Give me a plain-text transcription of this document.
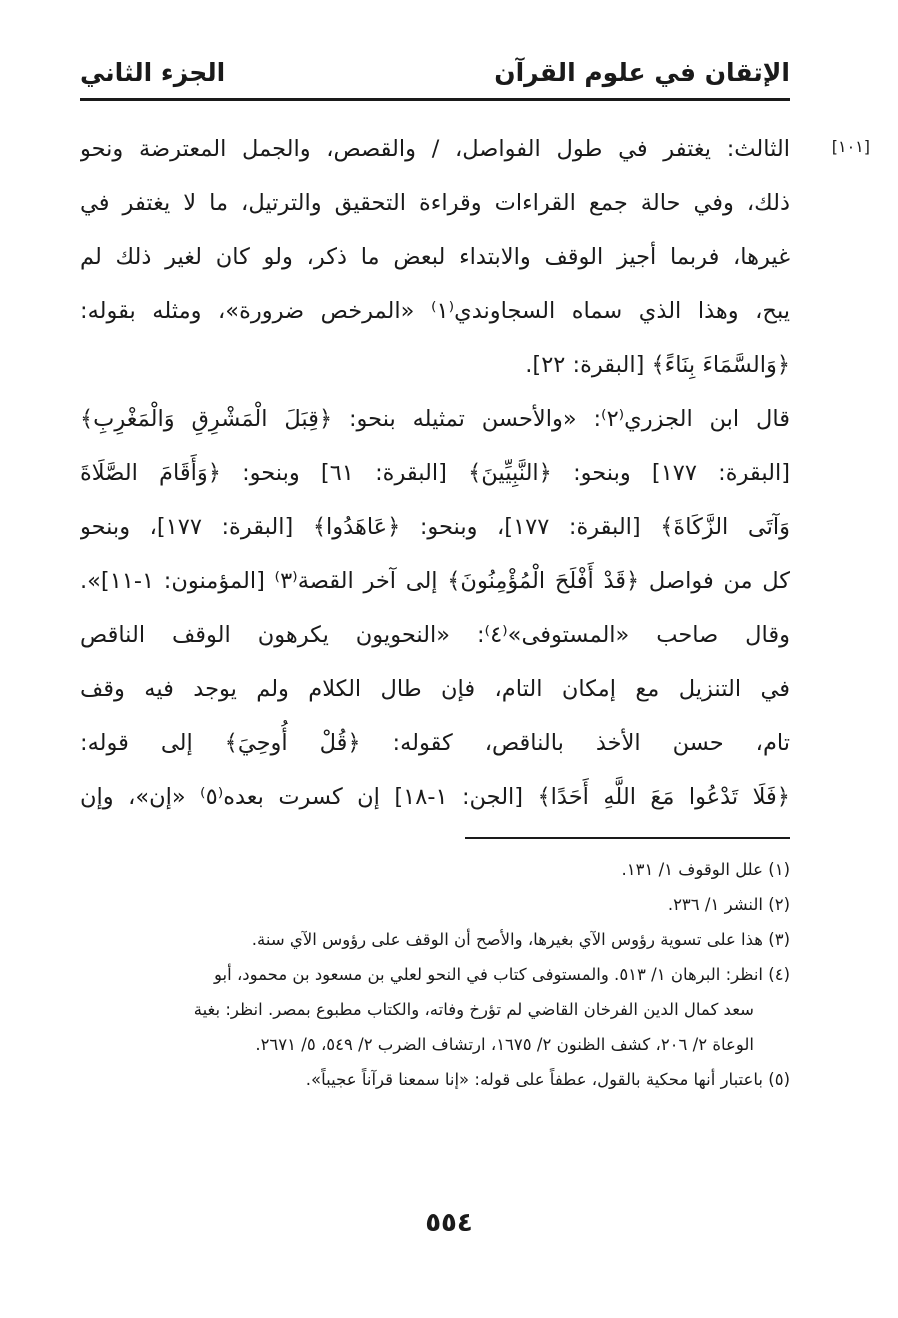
الإتقان في علوم القرآن
الجزء الثاني
[١٠١]
الثالث: يغتفر في طول الفواصل، / والقصص، والجمل المعترضة ونحو
ذلك، وفي حالة جمع القراءات وقراءة التحقيق والترتيل، ما لا يغتفر في
غيرها، فربما أجيز الوقف والابتداء لبعض ما ذكر، ولو كان لغير ذلك لم
يبح، وهذا الذي سماه السجاوندي⁽١⁾ «المرخص ضرورة»، ومثله بقوله:
﴿وَالسَّمَاءَ بِنَاءً﴾ [البقرة: ٢٢].
قال ابن الجزري⁽٢⁾: «والأحسن تمثيله بنحو: ﴿قِبَلَ الْمَشْرِقِ وَالْمَغْرِبِ﴾
[البقرة: ١٧٧] وبنحو: ﴿النَّبِيِّينَ﴾ [البقرة: ٦١] وبنحو: ﴿وَأَقَامَ الصَّلَاةَ
وَآتَى الزَّكَاةَ﴾ [البقرة: ١٧٧]، وبنحو: ﴿عَاهَدُوا﴾ [البقرة: ١٧٧]، وبنحو
كل من فواصل ﴿قَدْ أَفْلَحَ الْمُؤْمِنُونَ﴾ إلى آخر القصة⁽٣⁾ [المؤمنون: ١-١١]».
وقال صاحب «المستوفى»⁽٤⁾: «النحويون يكرهون الوقف الناقص
في التنزيل مع إمكان التام، فإن طال الكلام ولم يوجد فيه وقف
تام، حسن الأخذ بالناقص، كقوله: ﴿قُلْ أُوحِيَ﴾ إلى قوله:
﴿فَلَا تَدْعُوا مَعَ اللَّهِ أَحَدًا﴾ [الجن: ١-١٨] إن كسرت بعده⁽٥⁾ «إن»، وإن
(١) علل الوقوف ١/ ١٣١.
(٢) النشر ١/ ٢٣٦.
(٣) هذا على تسوية رؤوس الآي بغيرها، والأصح أن الوقف على رؤوس الآي سنة.
(٤) انظر: البرهان ١/ ٥١٣. والمستوفى كتاب في النحو لعلي بن مسعود بن محمود، أبو
سعد كمال الدين الفرخان القاضي لم تؤرخ وفاته، والكتاب مطبوع بمصر. انظر: بغية
الوعاة ٢/ ٢٠٦، كشف الظنون ٢/ ١٦٧٥، ارتشاف الضرب ٢/ ٥٤٩، ٥/ ٢٦٧١.
(٥) باعتبار أنها محكية بالقول، عطفاً على قوله: «إنا سمعنا قرآناً عجيباً».
٥٥٤
